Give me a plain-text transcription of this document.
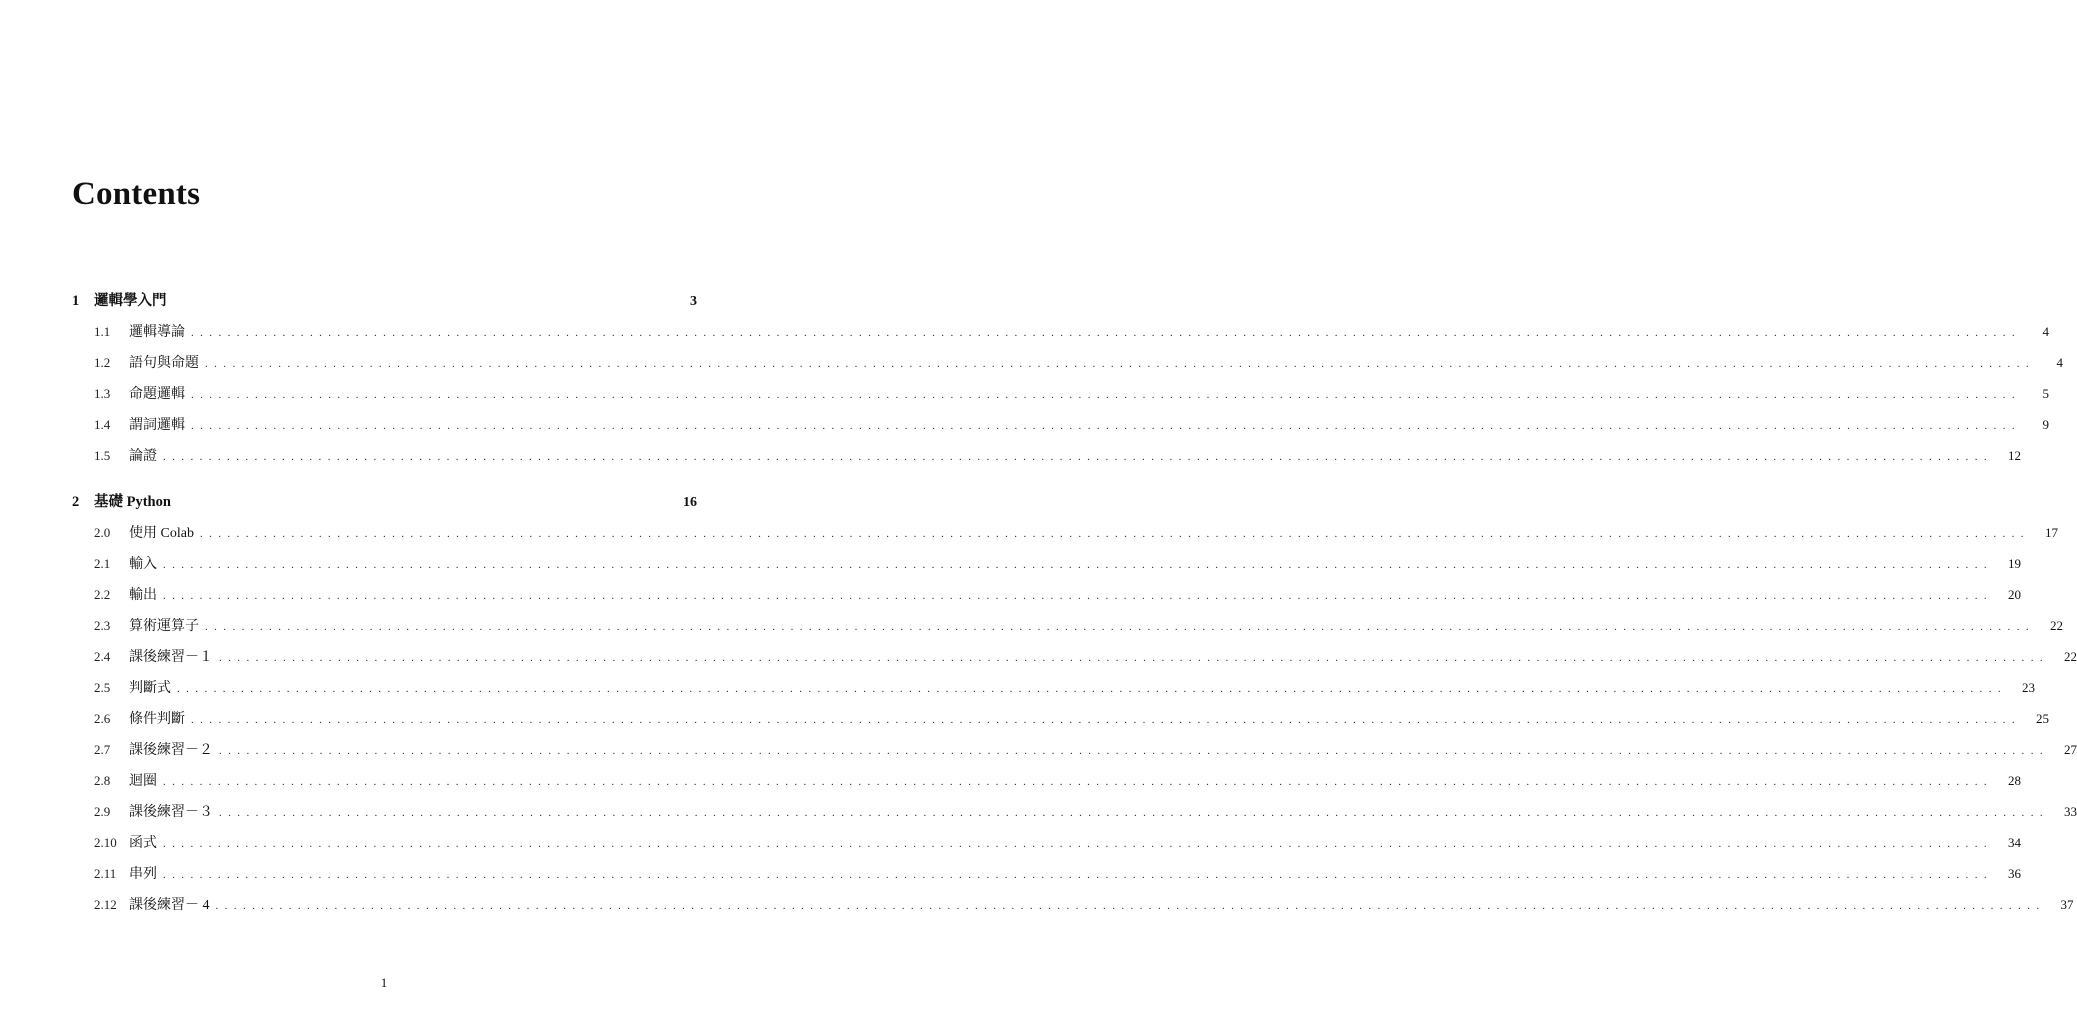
Contents
1	邏輯學入門	3
1.1	邏輯導論 ........................................................................................................................................................................................................	4
1.2	語句與命題 ........................................................................................................................................................................................................	4
1.3	命題邏輯 ........................................................................................................................................................................................................	5
1.4	謂詞邏輯 ........................................................................................................................................................................................................	9
1.5	論證 ........................................................................................................................................................................................................	12
2	基礎 Python	16
2.0	使用 Colab ........................................................................................................................................................................................................	17
2.1	輸入 ........................................................................................................................................................................................................	19
2.2	輸出 ........................................................................................................................................................................................................	20
2.3	算術運算子 ........................................................................................................................................................................................................	22
2.4	課後練習－１ ........................................................................................................................................................................................................	22
2.5	判斷式 ........................................................................................................................................................................................................	23
2.6	條件判斷 ........................................................................................................................................................................................................	25
2.7	課後練習－２ ........................................................................................................................................................................................................	27
2.8	迴圈 ........................................................................................................................................................................................................	28
2.9	課後練習－３ ........................................................................................................................................................................................................	33
2.10 函式 ........................................................................................................................................................................................................	34
2.11 串列 ........................................................................................................................................................................................................	36
2.12 課後練習－ 4 ........................................................................................................................................................................................................	37
1
